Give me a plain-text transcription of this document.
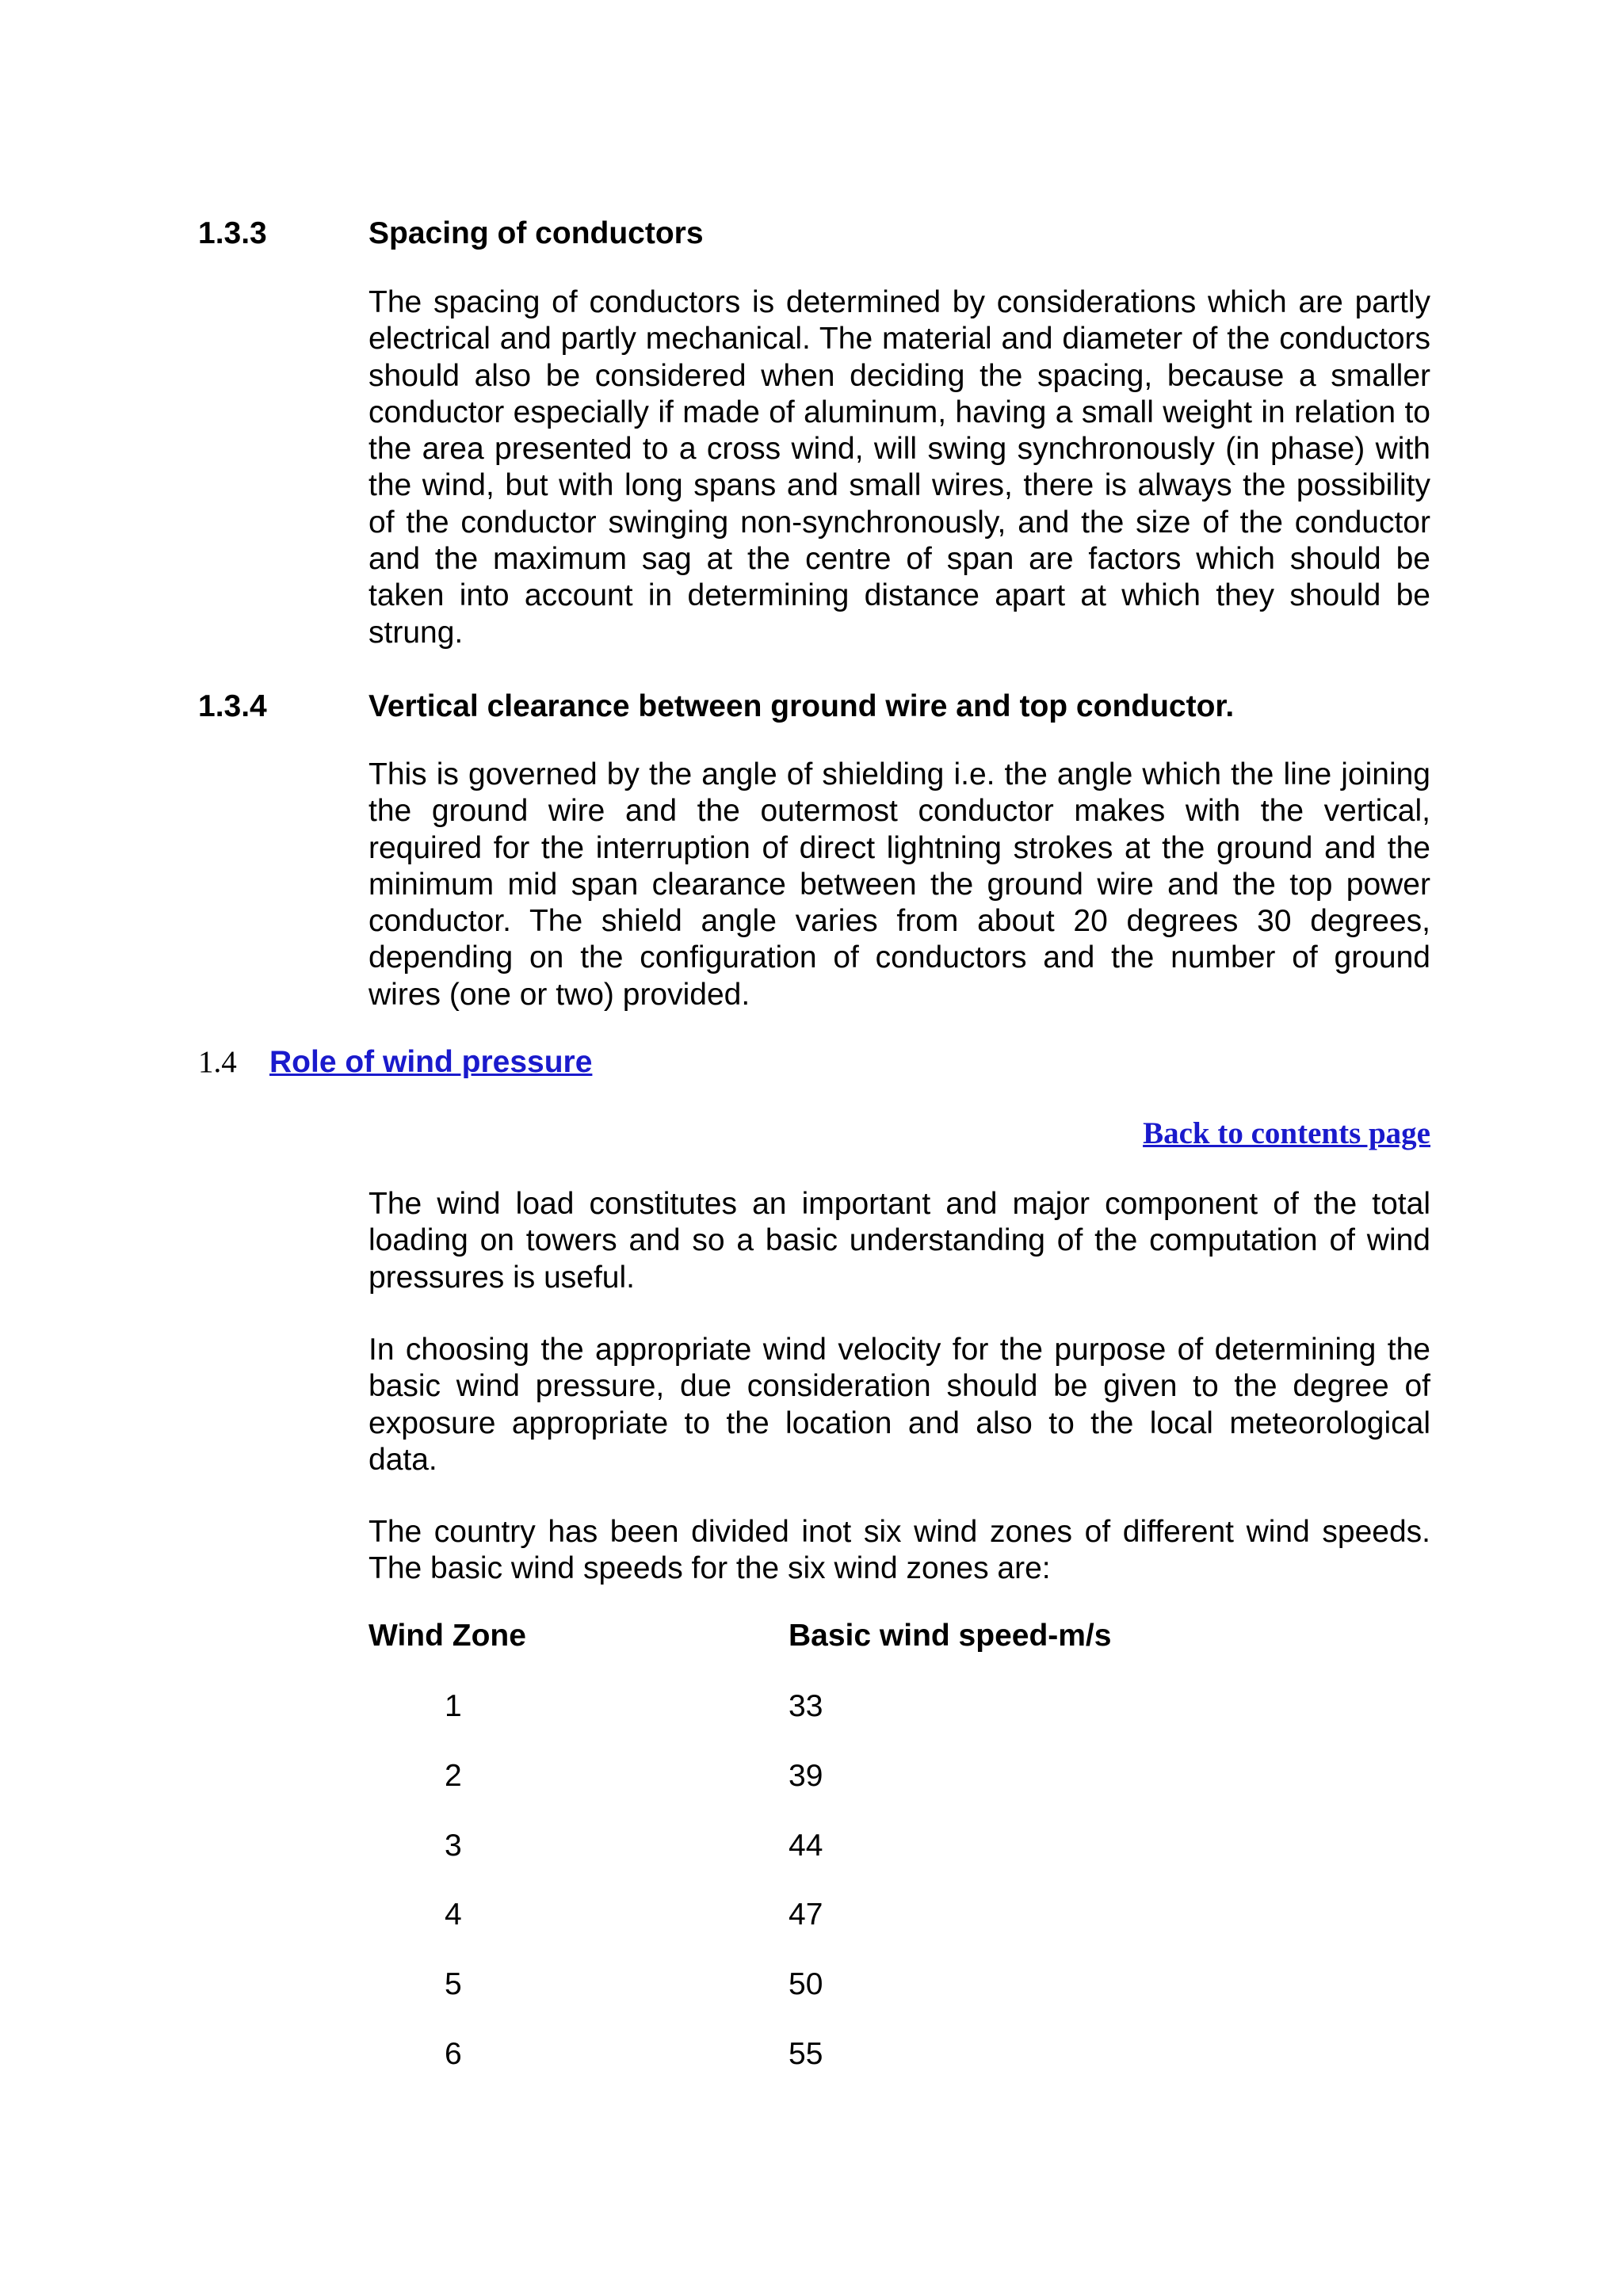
1.3.3	Spacing of conductors

The spacing of conductors is determined by considerations which are partly electrical and partly mechanical. The material and diameter of the conductors should also be considered when deciding the spacing, because a smaller conductor especially if made of aluminum, having a small weight in relation to the area presented to a cross wind, will swing synchronously (in phase) with the wind, but with long spans and small wires, there is always the possibility of the conductor swinging non-synchronously, and the size of the conductor and the maximum sag at the centre of span are factors which should be taken into account in determining distance apart at which they should be strung.

1.3.4	Vertical clearance between ground wire and top conductor.

This is governed by the angle of shielding i.e. the angle which the line joining the ground wire and the outermost conductor makes with the vertical, required for the interruption of direct lightning strokes at the ground and the minimum mid span clearance between the ground wire and the top power conductor. The shield angle varies from about 20 degrees 30 degrees, depending on the configuration of conductors and the number of ground wires (one or two) provided.

1.4 Role of wind pressure
Back to contents page

The wind load constitutes an important and major component of the total loading on towers and so a basic understanding of the computation of wind pressures is useful.

In choosing the appropriate wind velocity for the purpose of determining the basic wind pressure, due consideration should be given to the degree of exposure appropriate to the location and also to the local meteorological data.

The country has been divided inot six wind zones of different wind speeds. The basic wind speeds for the six wind zones are:

Wind Zone	Basic wind speed-m/s
1	33
2	39
3	44
4	47
5	50
6	55
